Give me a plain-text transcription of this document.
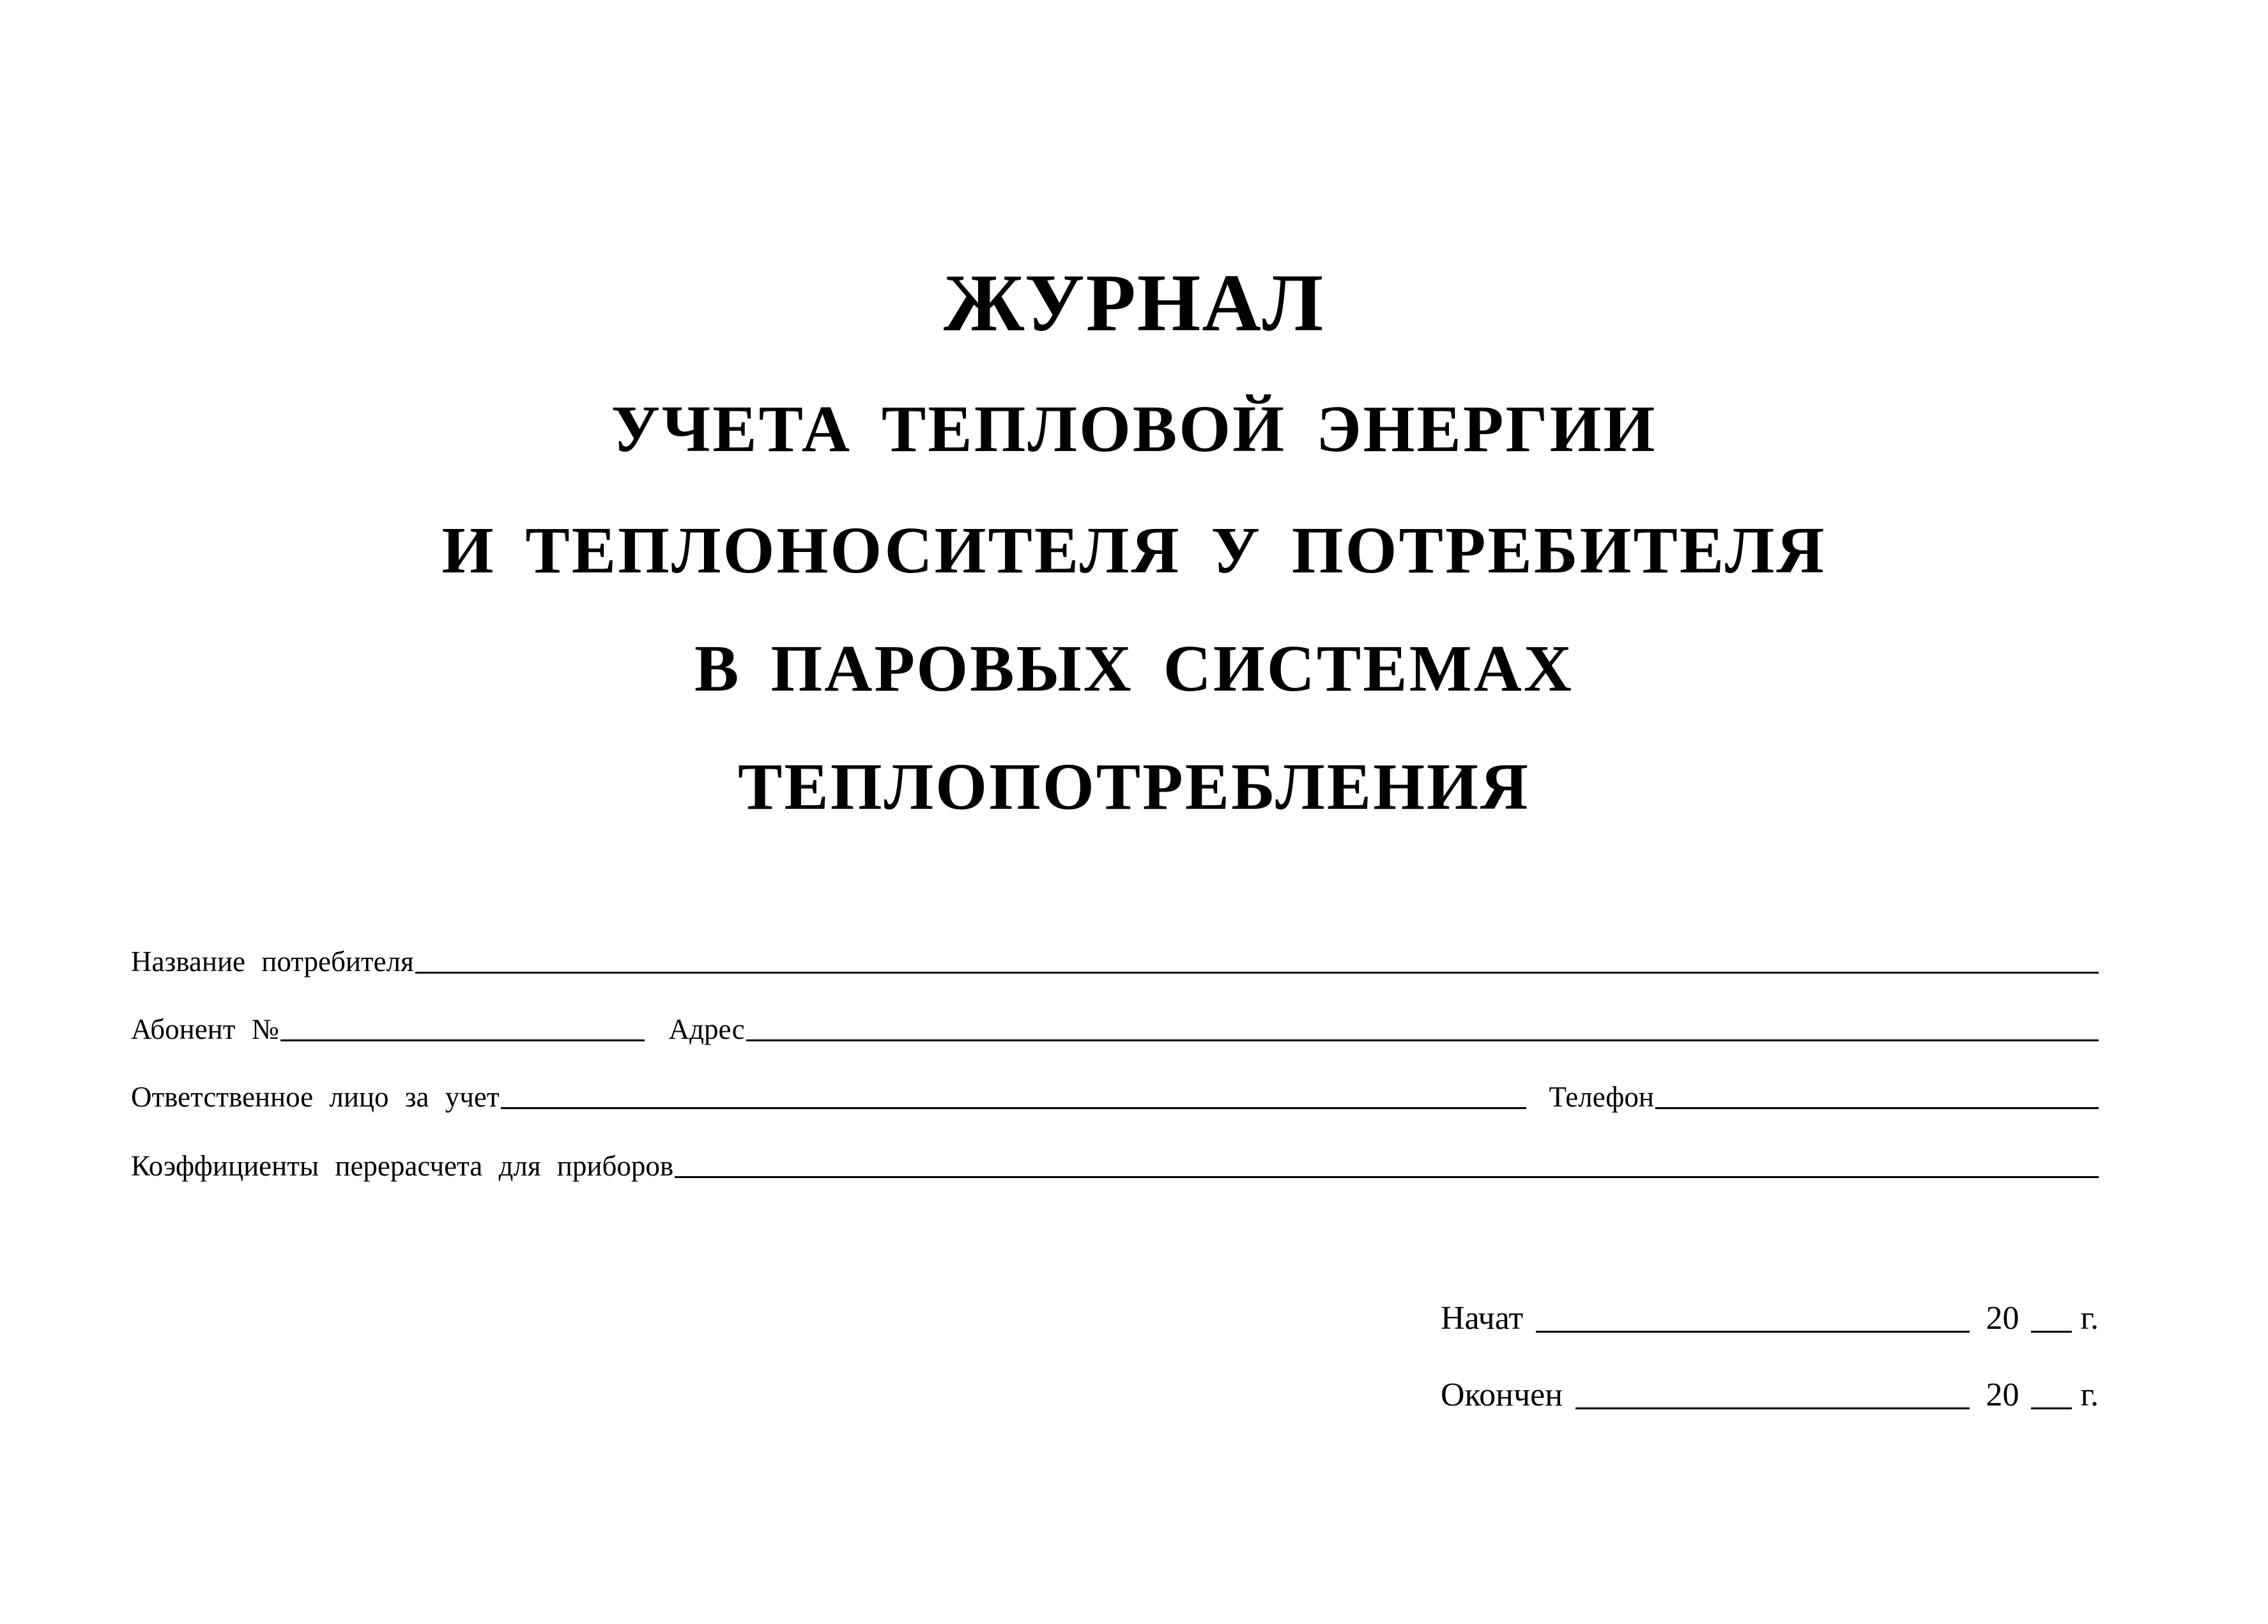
ЖУРНАЛ
УЧЕТА ТЕПЛОВОЙ ЭНЕРГИИ
И ТЕПЛОНОСИТЕЛЯ У ПОТРЕБИТЕЛЯ
В ПАРОВЫХ СИСТЕМАХ
ТЕПЛОПОТРЕБЛЕНИЯ
Название потребителя
Абонент №	Адрес
Ответственное лицо за учет	Телефон
Коэффициенты перерасчета для приборов
Начат	20 г.
Окончен	20 г.
